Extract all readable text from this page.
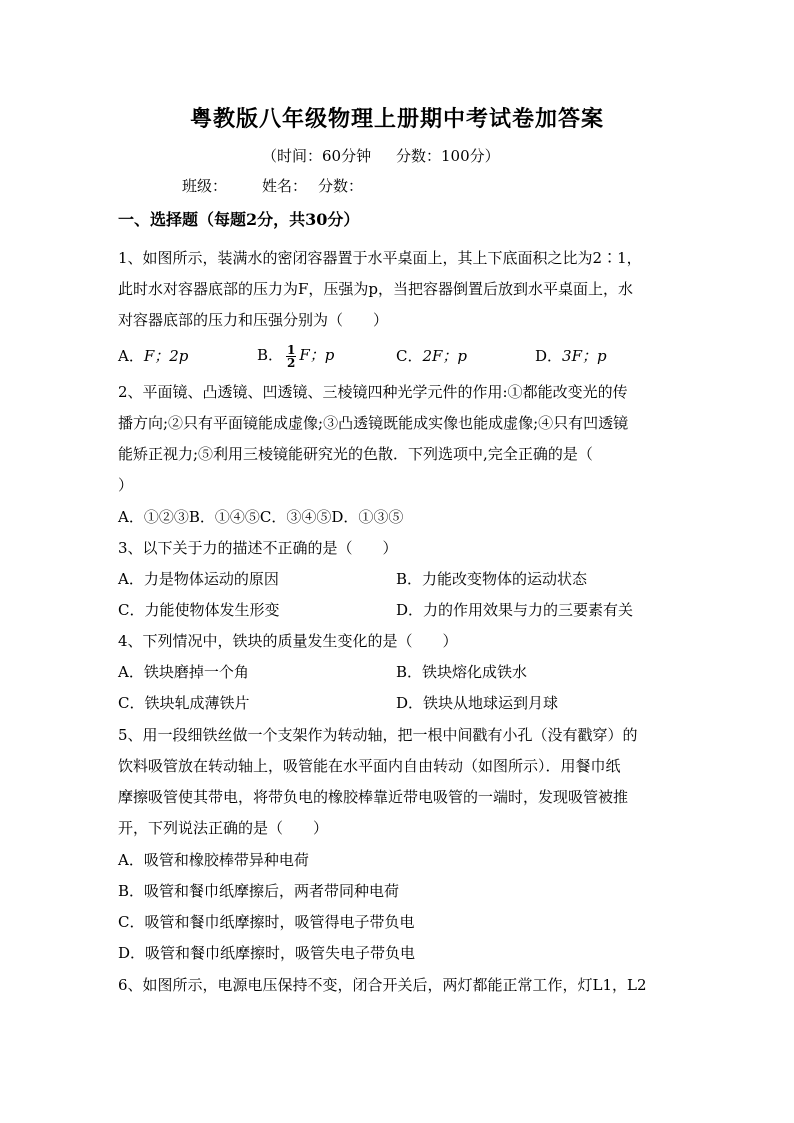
粤教版八年级物理上册期中考试卷加答案
（时间：60分钟 分数：100分）
班级： 姓名： 分数：
一、选择题（每题2分，共30分）
1、如图所示，装满水的密闭容器置于水平桌面上，其上下底面积之比为2∶1，
此时水对容器底部的压力为F，压强为p，当把容器倒置后放到水平桌面上，水
对容器底部的压力和压强分别为（　　）
A．F；2p	B． $\frac{1}{2}$ F；p	C．2F；p	D．3F；p
2、平面镜、凸透镜、凹透镜、三棱镜四种光学元件的作用:①都能改变光的传
播方向;②只有平面镜能成虚像;③凸透镜既能成实像也能成虚像;④只有凹透镜
能矫正视力;⑤利用三棱镜能研究光的色散．下列选项中,完全正确的是（
）
A．①②③B．①④⑤C．③④⑤D．①③⑤
3、以下关于力的描述不正确的是（　　）
A．力是物体运动的原因	B．力能改变物体的运动状态
C．力能使物体发生形变	D．力的作用效果与力的三要素有关
4、下列情况中，铁块的质量发生变化的是（　　）
A．铁块磨掉一个角	B．铁块熔化成铁水
C．铁块轧成薄铁片	D．铁块从地球运到月球
5、用一段细铁丝做一个支架作为转动轴，把一根中间戳有小孔（没有戳穿）的
饮料吸管放在转动轴上，吸管能在水平面内自由转动（如图所示）．用餐巾纸
摩擦吸管使其带电，将带负电的橡胶棒靠近带电吸管的一端时，发现吸管被推
开，下列说法正确的是（　　）
A．吸管和橡胶棒带异种电荷
B．吸管和餐巾纸摩擦后，两者带同种电荷
C．吸管和餐巾纸摩擦时，吸管得电子带负电
D．吸管和餐巾纸摩擦时，吸管失电子带负电
6、如图所示，电源电压保持不变，闭合开关后，两灯都能正常工作，灯L1，L2
